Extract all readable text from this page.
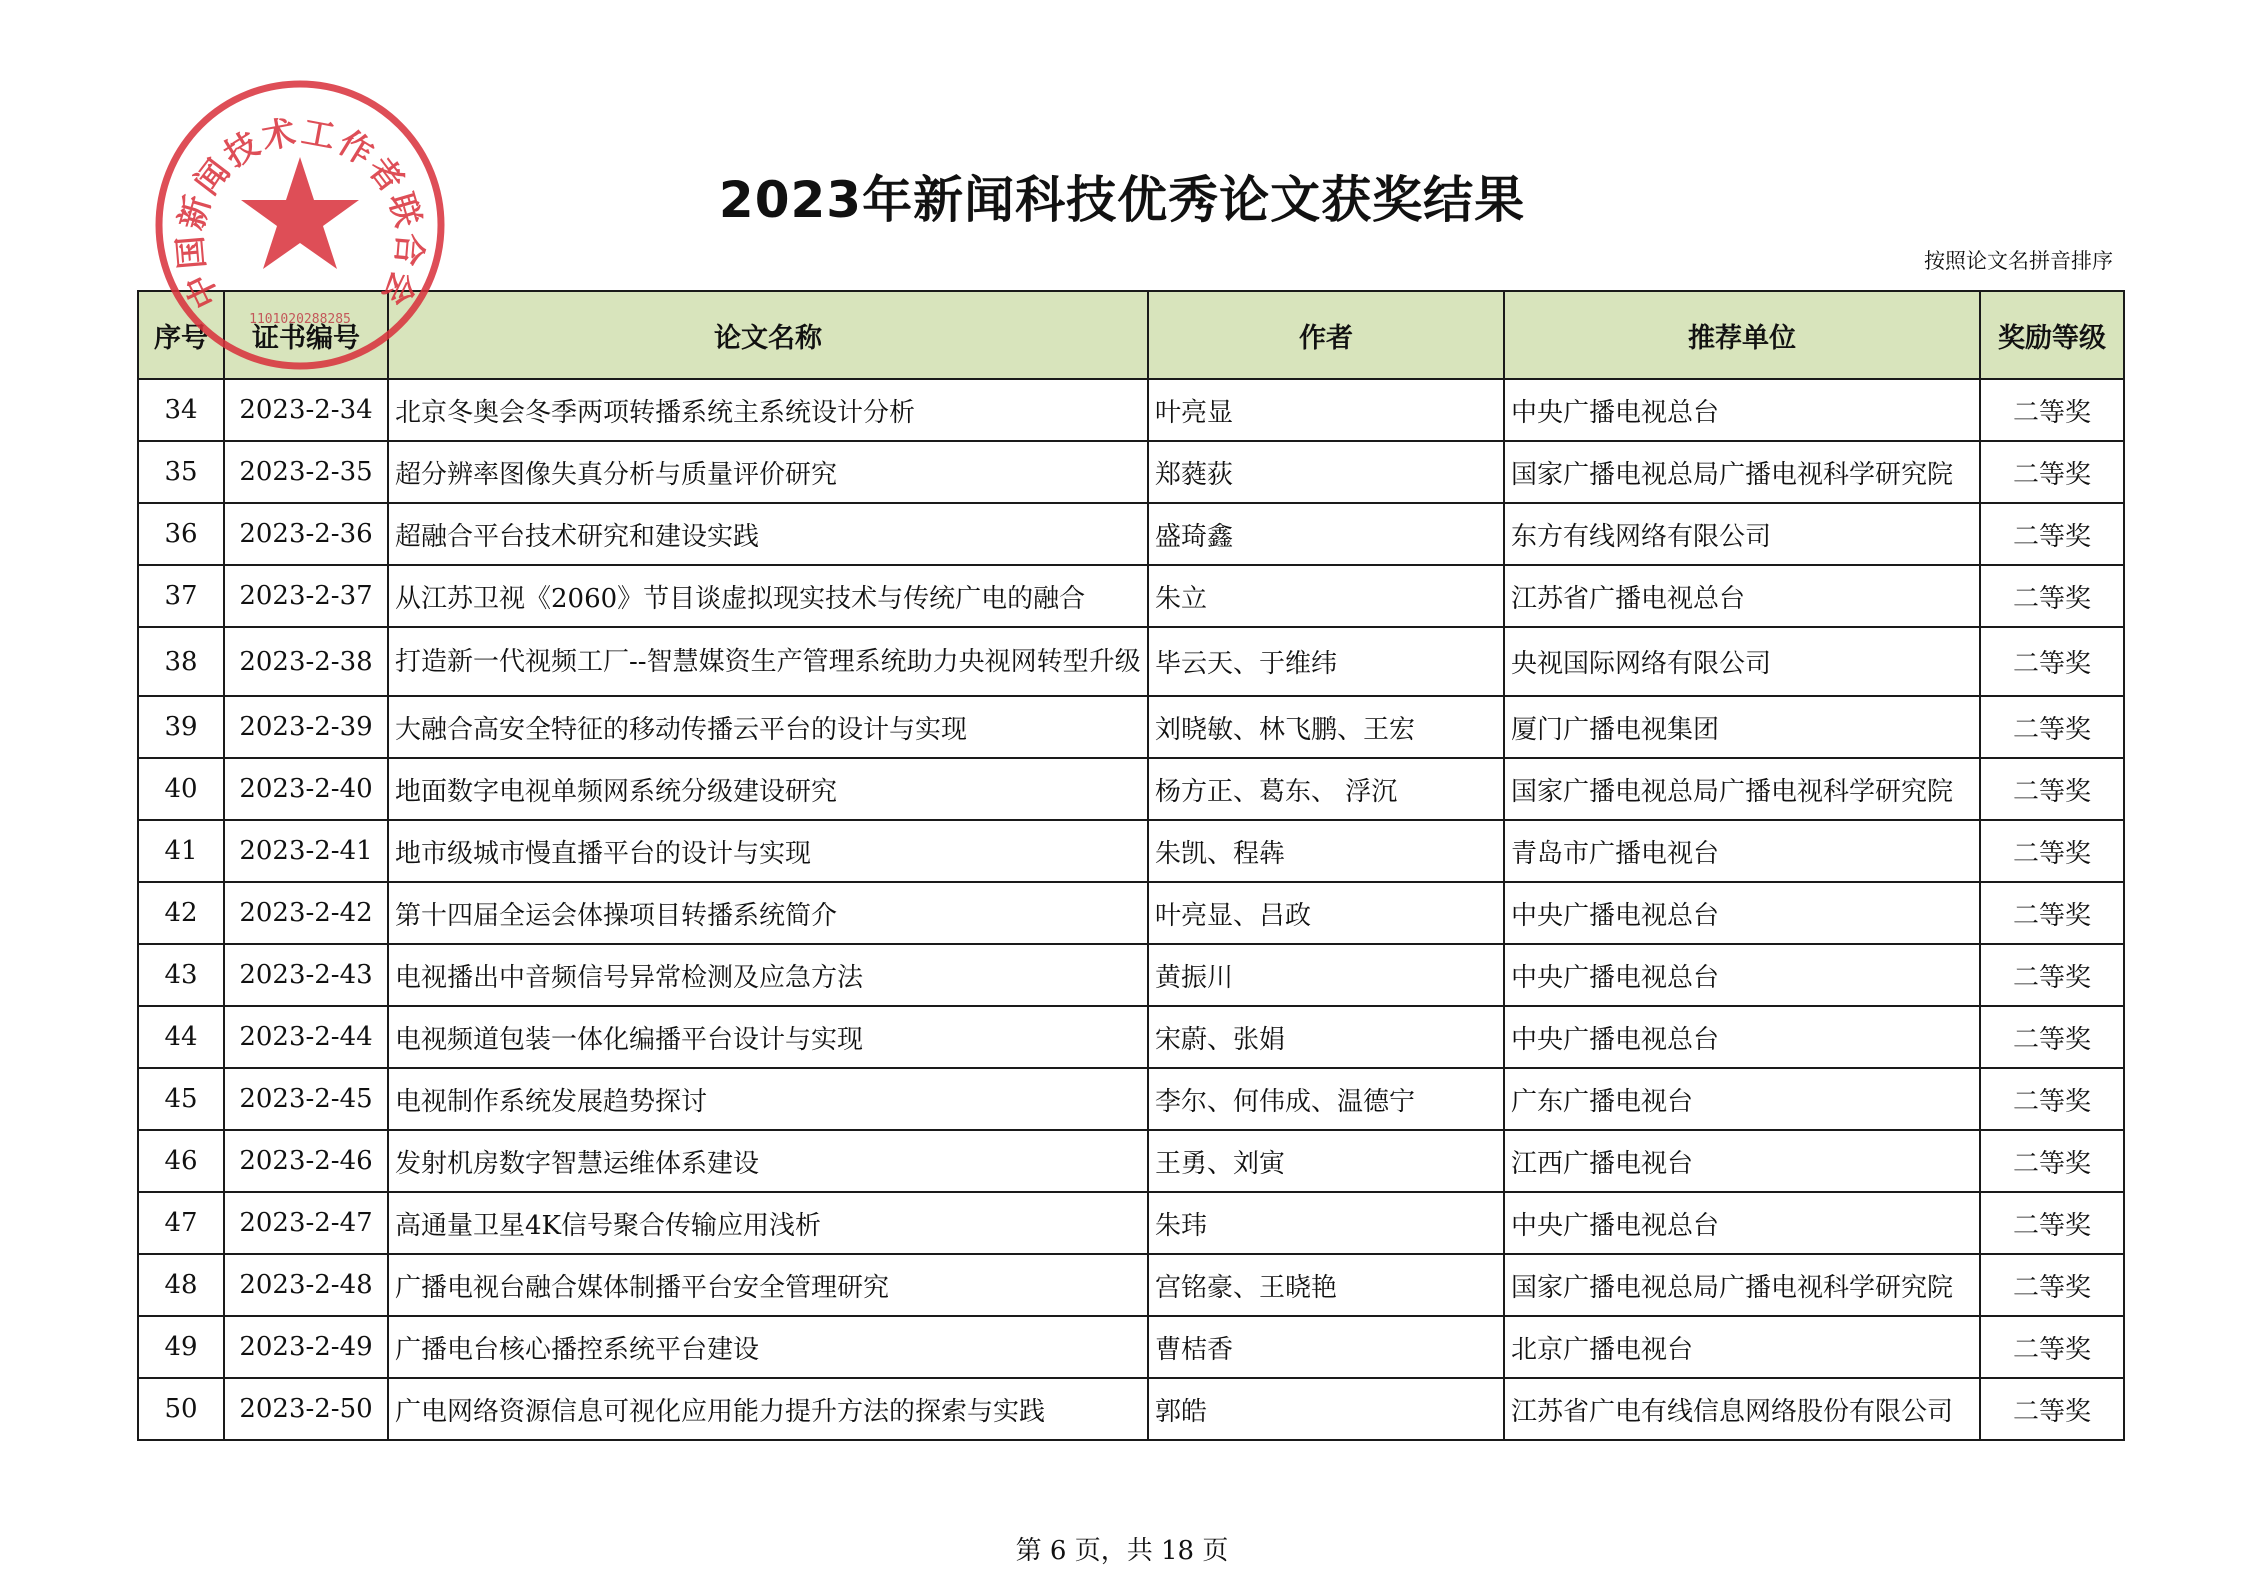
2023年新闻科技优秀论文获奖结果
按照论文名拼音排序
序号	证书编号	论文名称	作者	推荐单位	奖励等级
34	2023-2-34	北京冬奥会冬季两项转播系统主系统设计分析	叶亮显	中央广播电视总台	二等奖
35	2023-2-35	超分辨率图像失真分析与质量评价研究	郑蕤荻	国家广播电视总局广播电视科学研究院	二等奖
36	2023-2-36	超融合平台技术研究和建设实践	盛琦鑫	东方有线网络有限公司	二等奖
37	2023-2-37	从江苏卫视《2060》节目谈虚拟现实技术与传统广电的融合	朱立	江苏省广播电视总台	二等奖
38	2023-2-38	打造新一代视频工厂--智慧媒资生产管理系统助力央视网转型升级	毕云天、于维纬	央视国际网络有限公司	二等奖
39	2023-2-39	大融合高安全特征的移动传播云平台的设计与实现	刘晓敏、林飞鹏、王宏	厦门广播电视集团	二等奖
40	2023-2-40	地面数字电视单频网系统分级建设研究	杨方正、葛东、 浮沉	国家广播电视总局广播电视科学研究院	二等奖
41	2023-2-41	地市级城市慢直播平台的设计与实现	朱凯、程犇	青岛市广播电视台	二等奖
42	2023-2-42	第十四届全运会体操项目转播系统简介	叶亮显、吕政	中央广播电视总台	二等奖
43	2023-2-43	电视播出中音频信号异常检测及应急方法	黄振川	中央广播电视总台	二等奖
44	2023-2-44	电视频道包装一体化编播平台设计与实现	宋蔚、张娟	中央广播电视总台	二等奖
45	2023-2-45	电视制作系统发展趋势探讨	李尔、何伟成、温德宁	广东广播电视台	二等奖
46	2023-2-46	发射机房数字智慧运维体系建设	王勇、刘寅	江西广播电视台	二等奖
47	2023-2-47	高通量卫星4K信号聚合传输应用浅析	朱玮	中央广播电视总台	二等奖
48	2023-2-48	广播电视台融合媒体制播平台安全管理研究	宫铭豪、王晓艳	国家广播电视总局广播电视科学研究院	二等奖
49	2023-2-49	广播电台核心播控系统平台建设	曹桔香	北京广播电视台	二等奖
50	2023-2-50	广电网络资源信息可视化应用能力提升方法的探索与实践	郭皓	江苏省广电有线信息网络股份有限公司	二等奖
第 6 页，共 18 页
中国新闻技术工作者联合会
1101020288285
